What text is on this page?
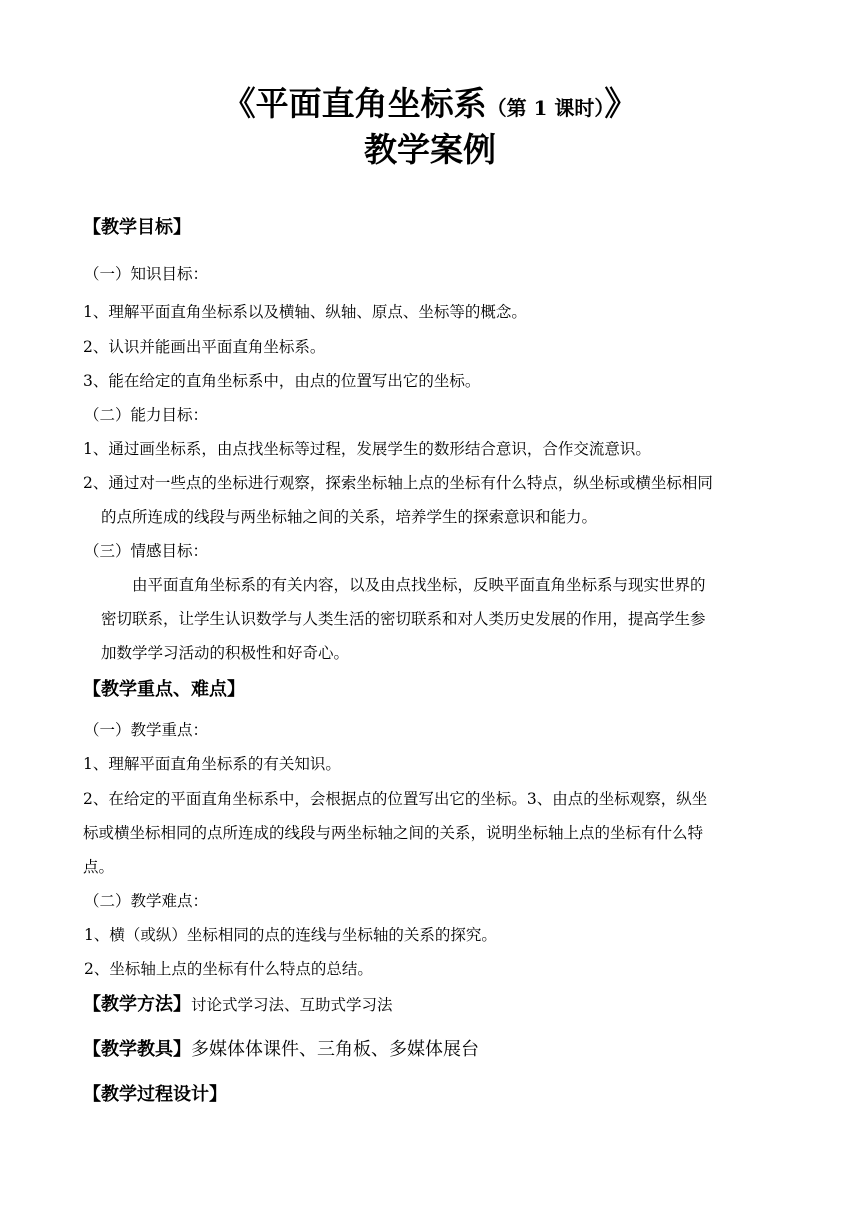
《平面直角坐标系（第 1 课时）》
教学案例
【教学目标】
（一）知识目标：
1、理解平面直角坐标系以及横轴、纵轴、原点、坐标等的概念。
2、认识并能画出平面直角坐标系。
3、能在给定的直角坐标系中，由点的位置写出它的坐标。
（二）能力目标：
1、通过画坐标系，由点找坐标等过程，发展学生的数形结合意识，合作交流意识。
2、通过对一些点的坐标进行观察，探索坐标轴上点的坐标有什么特点，纵坐标或横坐标相同
的点所连成的线段与两坐标轴之间的关系，培养学生的探索意识和能力。
（三）情感目标：
由平面直角坐标系的有关内容，以及由点找坐标，反映平面直角坐标系与现实世界的
密切联系，让学生认识数学与人类生活的密切联系和对人类历史发展的作用，提高学生参
加数学学习活动的积极性和好奇心。
【教学重点、难点】
（一）教学重点：
1、理解平面直角坐标系的有关知识。
2、在给定的平面直角坐标系中，会根据点的位置写出它的坐标。3、由点的坐标观察，纵坐
标或横坐标相同的点所连成的线段与两坐标轴之间的关系，说明坐标轴上点的坐标有什么特
点。
（二）教学难点：
1、横（或纵）坐标相同的点的连线与坐标轴的关系的探究。
2、坐标轴上点的坐标有什么特点的总结。
【教学方法】讨论式学习法、互助式学习法
【教学教具】多媒体体课件、三角板、多媒体展台
【教学过程设计】
